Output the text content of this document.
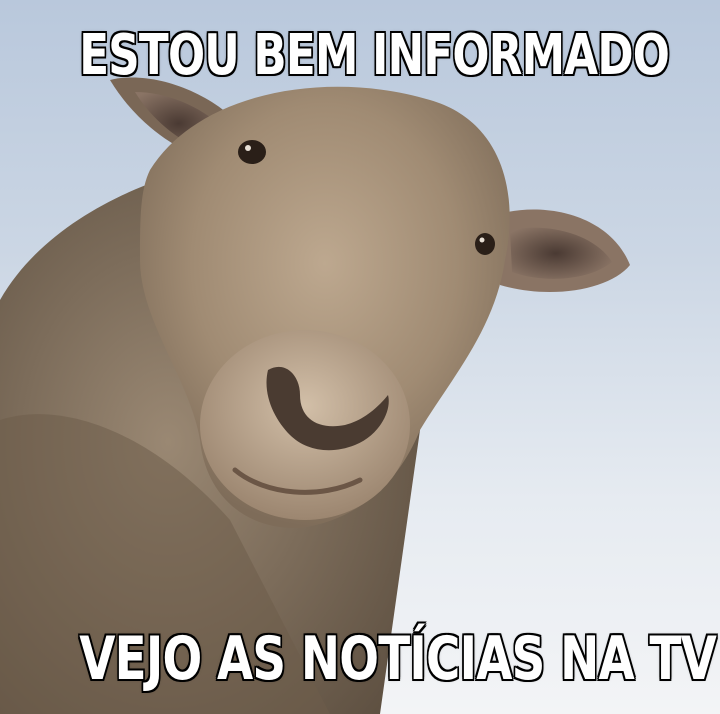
ESTOU BEM INFORMADO
VEJO AS NOTÍCIAS NA TV
